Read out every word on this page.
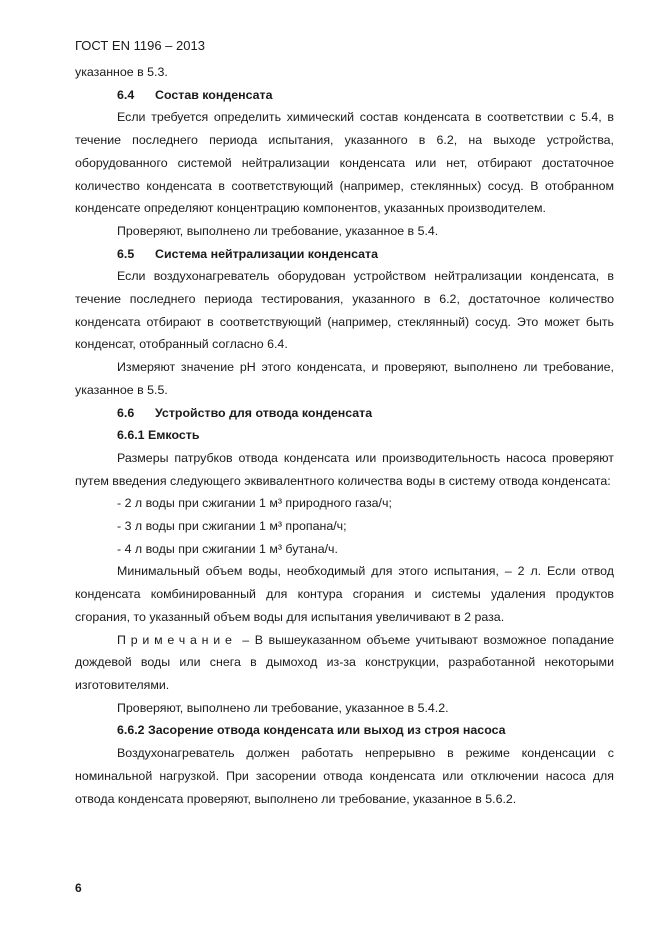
ГОСТ EN 1196 – 2013

указанное в 5.3.

6.4 Состав конденсата

Если требуется определить химический состав конденсата в соответствии с 5.4, в течение последнего периода испытания, указанного в 6.2, на выходе устройства, оборудованного системой нейтрализации конденсата или нет, отбирают достаточное количество конденсата в соответствующий (например, стеклянных) сосуд. В отобранном конденсате определяют концентрацию компонентов, указанных производителем.

Проверяют, выполнено ли требование, указанное в 5.4.

6.5 Система нейтрализации конденсата

Если воздухонагреватель оборудован устройством нейтрализации конденсата, в течение последнего периода тестирования, указанного в 6.2, достаточное количество конденсата отбирают в соответствующий (например, стеклянный) сосуд. Это может быть конденсат, отобранный согласно 6.4.

Измеряют значение pH этого конденсата, и проверяют, выполнено ли требование, указанное в 5.5.

6.6 Устройство для отвода конденсата

6.6.1 Емкость

Размеры патрубков отвода конденсата или производительность насоса проверяют путем введения следующего эквивалентного количества воды в систему отвода конденсата:

- 2 л воды при сжигании 1 м³ природного газа/ч;

- 3 л воды при сжигании 1 м³ пропана/ч;

- 4 л воды при сжигании 1 м³ бутана/ч.

Минимальный объем воды, необходимый для этого испытания, – 2 л. Если отвод конденсата комбинированный для контура сгорания и системы удаления продуктов сгорания, то указанный объем воды для испытания увеличивают в 2 раза.

Примечание – В вышеуказанном объеме учитывают возможное попадание дождевой воды или снега в дымоход из-за конструкции, разработанной некоторыми изготовителями.

Проверяют, выполнено ли требование, указанное в 5.4.2.

6.6.2 Засорение отвода конденсата или выход из строя насоса

Воздухонагреватель должен работать непрерывно в режиме конденсации с номинальной нагрузкой. При засорении отвода конденсата или отключении насоса для отвода конденсата проверяют, выполнено ли требование, указанное в 5.6.2.

6
